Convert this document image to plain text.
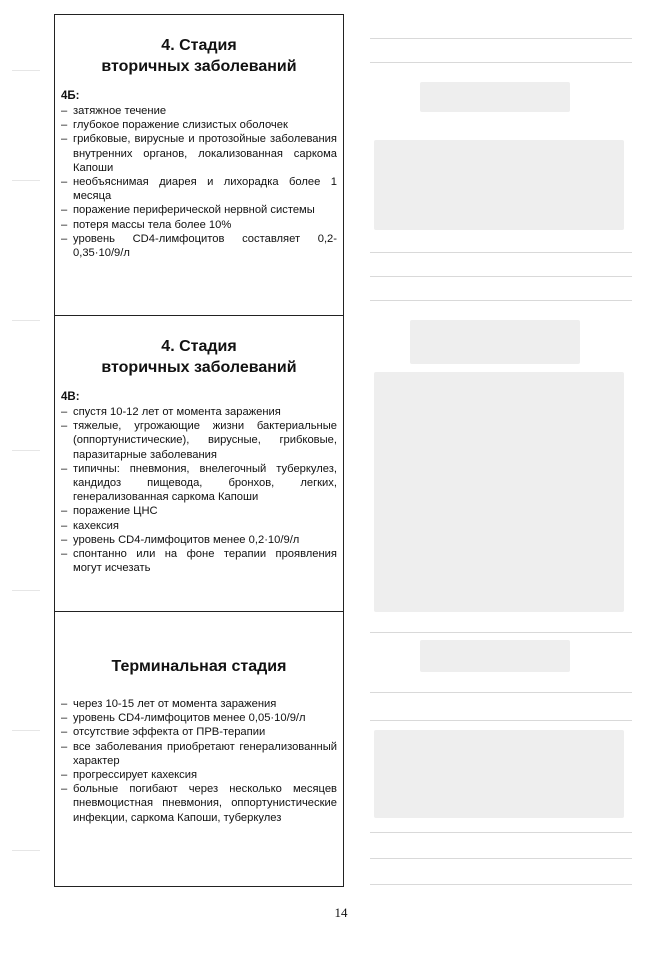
4. Стадия
вторичных заболеваний
4Б:
– затяжное течение
– глубокое поражение слизистых оболочек
– грибковые, вирусные и протозойные заболевания внутренних органов, локализованная саркома Капоши
– необъяснимая диарея и лихорадка более 1 месяца
– поражение периферической нервной системы
– потеря массы тела более 10%
– уровень CD4-лимфоцитов составляет 0,2-0,35·10/9/л
4. Стадия
вторичных заболеваний
4В:
– спустя 10-12 лет от момента заражения
– тяжелые, угрожающие жизни бактериальные (оппортунистические), вирусные, грибковые, паразитарные заболевания
– типичны: пневмония, внелегочный туберкулез, кандидоз пищевода, бронхов, легких, генерализованная саркома Капоши
– поражение ЦНС
– кахексия
– уровень CD4-лимфоцитов менее 0,2·10/9/л
– спонтанно или на фоне терапии проявления могут исчезать
Терминальная стадия
– через 10-15 лет от момента заражения
– уровень CD4-лимфоцитов менее 0,05·10/9/л
– отсутствие эффекта от ПРВ-терапии
– все заболевания приобретают генерализованный характер
– прогрессирует кахексия
– больные погибают через несколько месяцев пневмоцистная пневмония, оппортунистические инфекции, саркома Капоши, туберкулез
14
